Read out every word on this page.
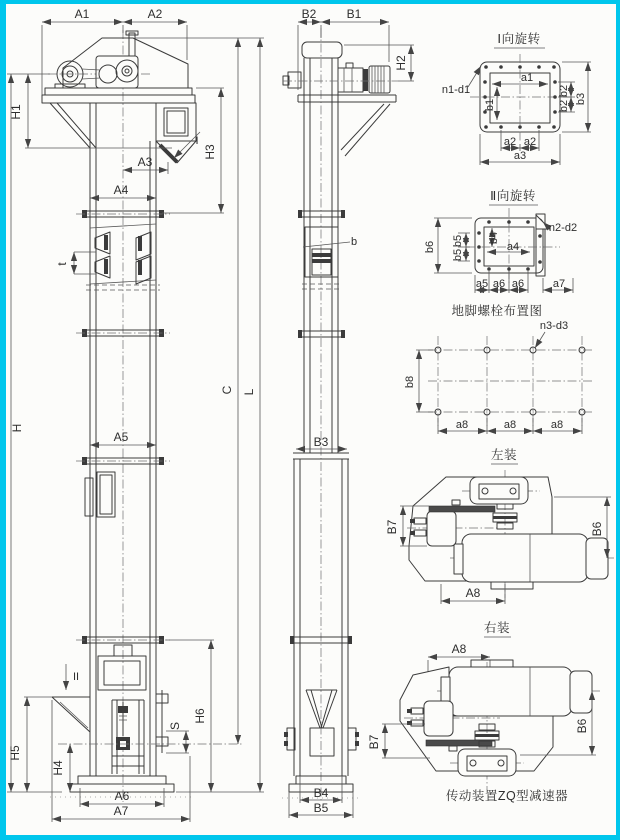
I
II
A1	A2
H1
H
H3
A3
A4
t
A5
C L
H5
H4
S
H6
A6
A7
b
B2	B1
H2
B3
B4
B5
Ⅰ向旋转
n1-d1
a1
b1
b2
b2
b3
a2 a2
a3
Ⅱ向旋转
n2-d2
b4
b5
b5
b6	a4
a5 a6 a6	a7
地脚螺栓布置图
n3-d3
b8
a8	a8	a8
左装
B7	B6
A8
右装
A8
B7
B6
传动装置ZQ型减速器
